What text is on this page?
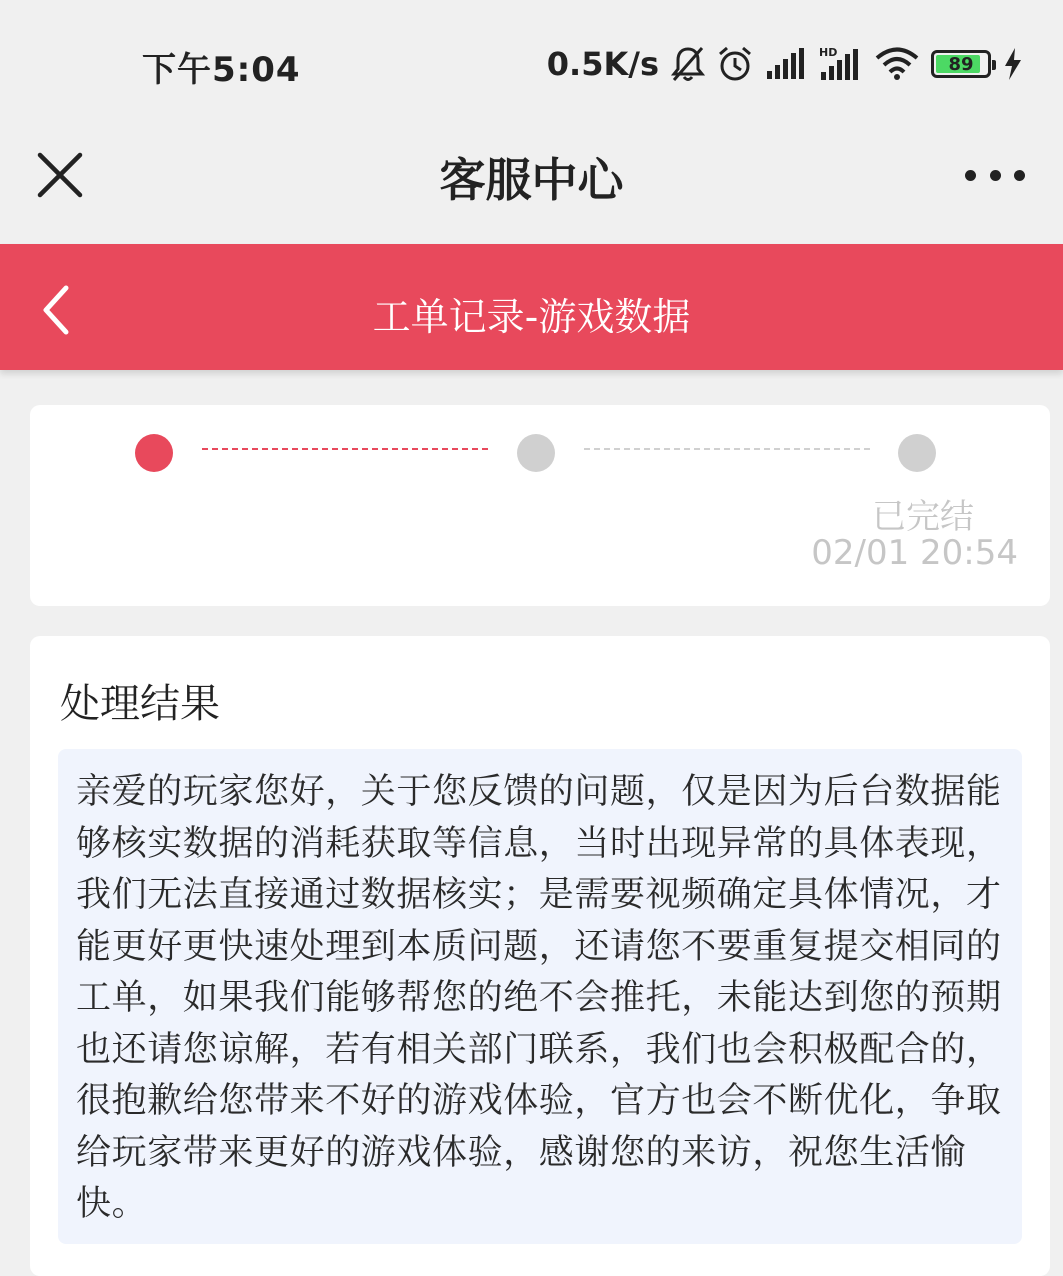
下午5:04	0.5K/s	HD
89
客服中心
工单记录-游戏数据
已完结
02/01 20:54
处理结果
亲爱的玩家您好，关于您反馈的问题，仅是因为后台数据能够核实数据的消耗获取等信息，当时出现异常的具体表现，我们无法直接通过数据核实；是需要视频确定具体情况，才能更好更快速处理到本质问题，还请您不要重复提交相同的工单，如果我们能够帮您的绝不会推托，未能达到您的预期也还请您谅解，若有相关部门联系，我们也会积极配合的，很抱歉给您带来不好的游戏体验，官方也会不断优化，争取给玩家带来更好的游戏体验，感谢您的来访，祝您生活愉快。
